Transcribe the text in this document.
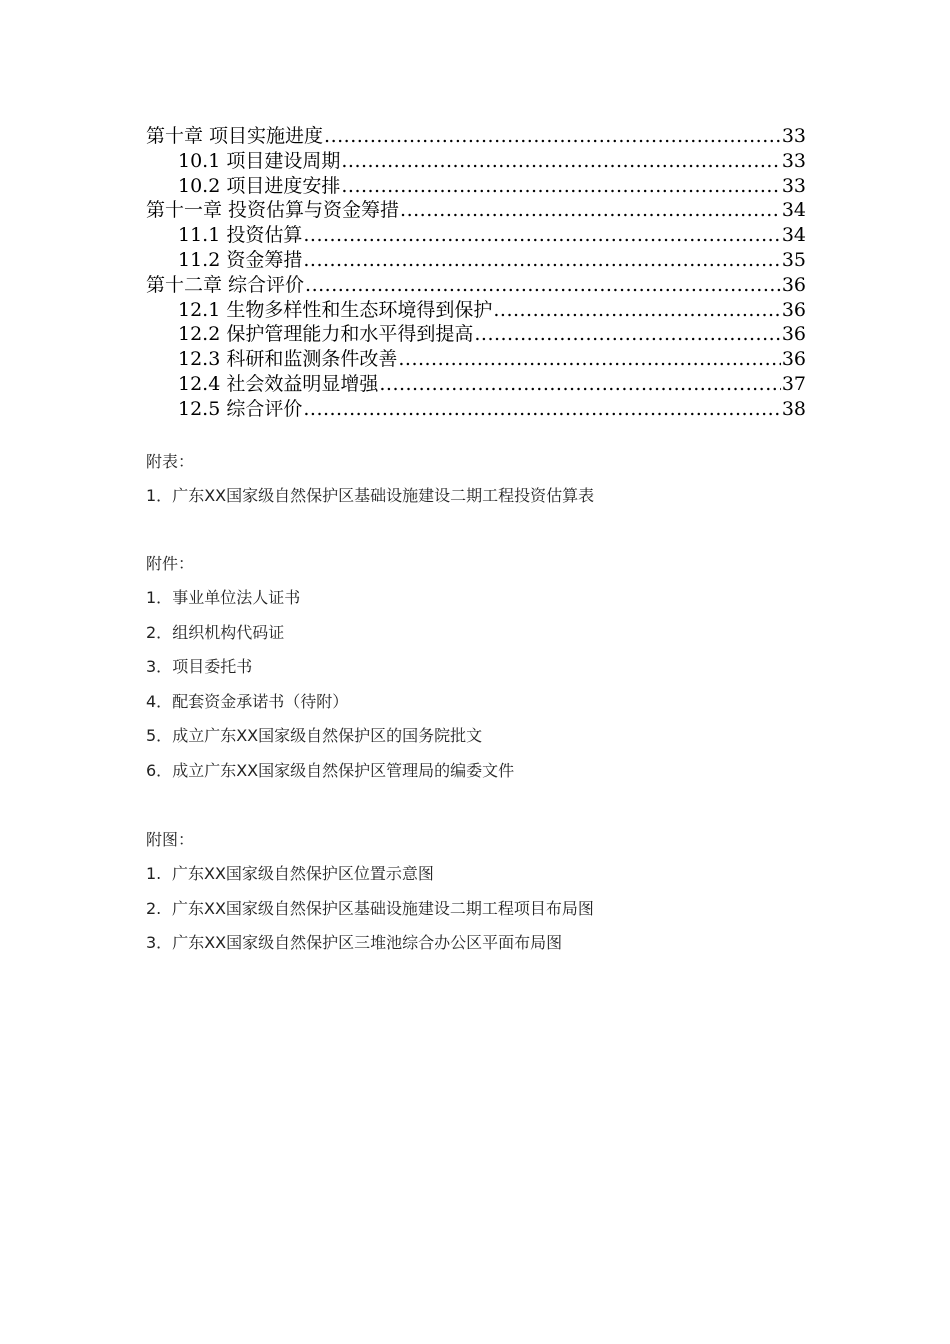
第十章 项目实施进度 .....	33
10.1 项目建设周期 .....	33
10.2 项目进度安排 .....	33
第十一章 投资估算与资金筹措 .....	34
11.1 投资估算 .....	34
11.2 资金筹措 .....	35
第十二章 综合评价 .....	36
12.1 生物多样性和生态环境得到保护 .....	36
12.2 保护管理能力和水平得到提高 .....	36
12.3 科研和监测条件改善 .....	36
12.4 社会效益明显增强 .....	37
12.5 综合评价 .....	38
附表：
1．广东XX国家级自然保护区基础设施建设二期工程投资估算表
附件：
1．事业单位法人证书
2．组织机构代码证
3．项目委托书
4．配套资金承诺书（待附）
5．成立广东XX国家级自然保护区的国务院批文
6．成立广东XX国家级自然保护区管理局的编委文件
附图：
1. 广东XX国家级自然保护区位置示意图
2. 广东XX国家级自然保护区基础设施建设二期工程项目布局图
3．广东XX国家级自然保护区三堆池综合办公区平面布局图
